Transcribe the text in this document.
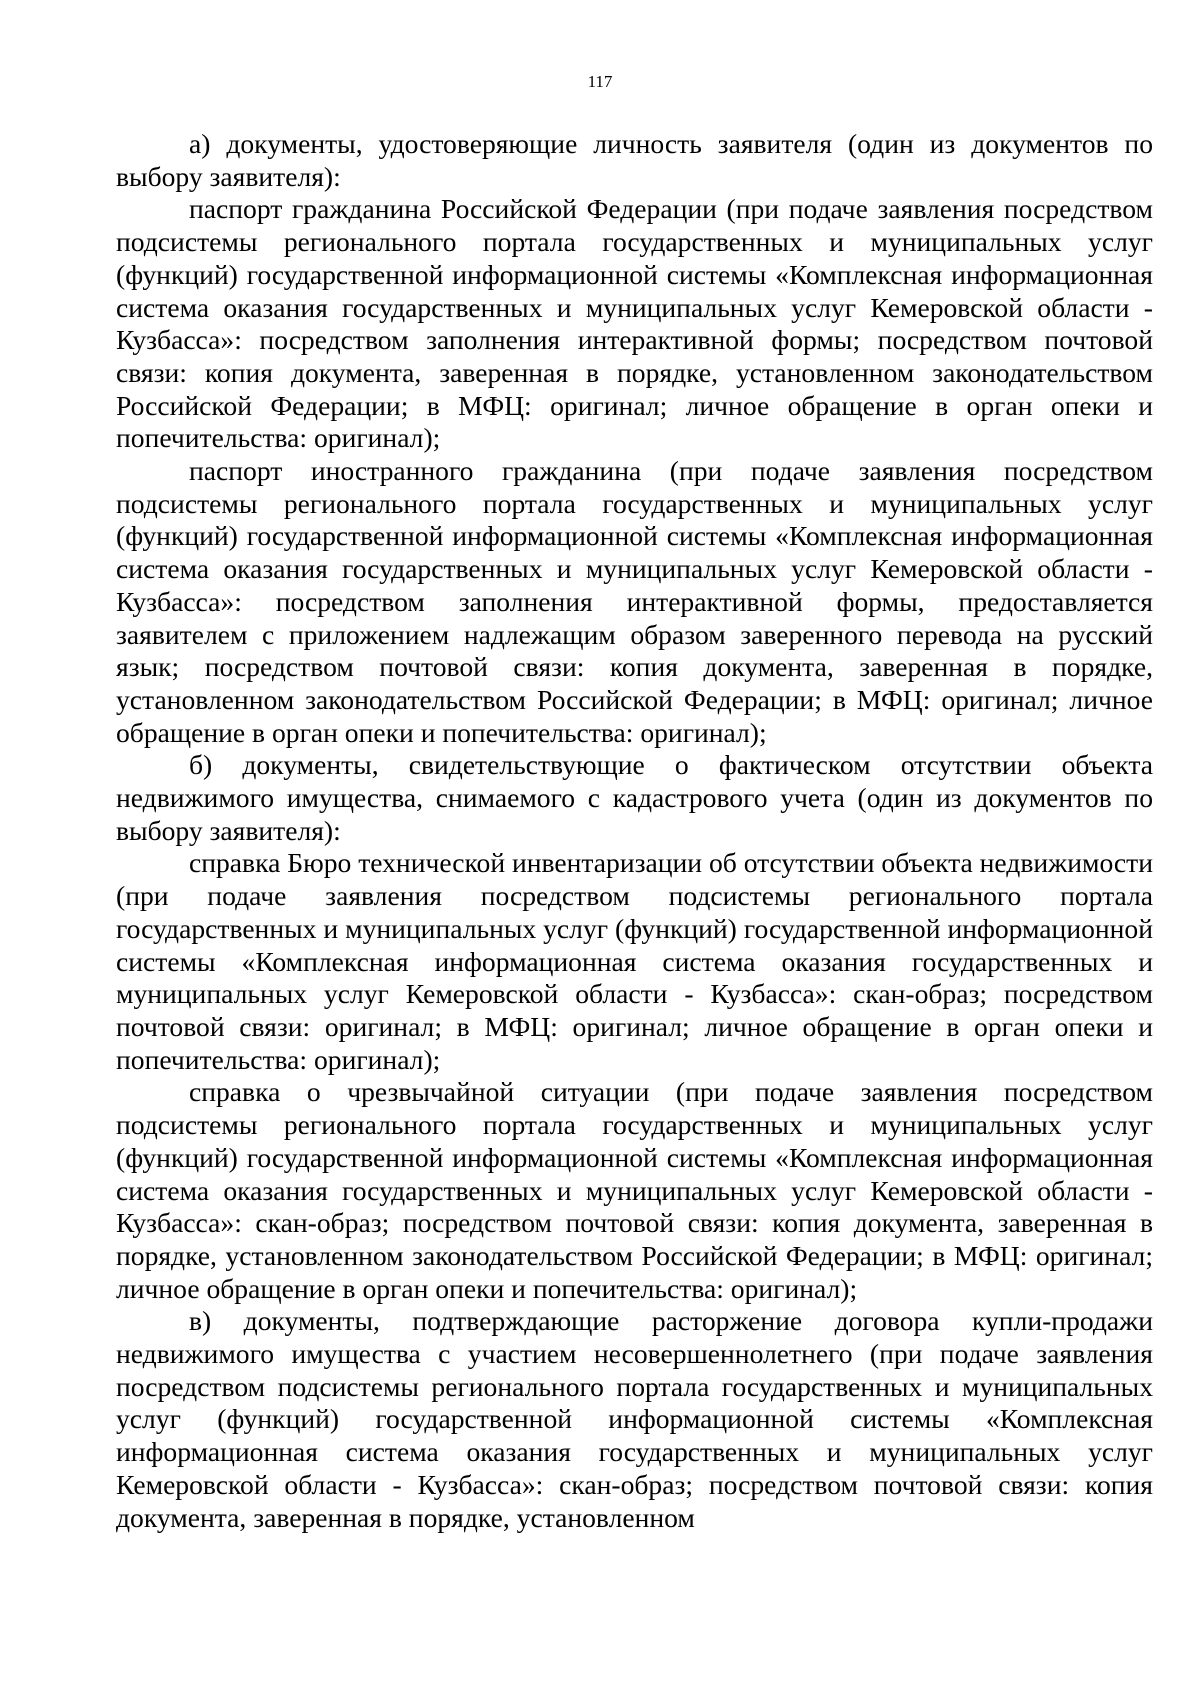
117

а) документы, удостоверяющие личность заявителя (один из документов по выбору заявителя):

паспорт гражданина Российской Федерации (при подаче заявления посредством подсистемы регионального портала государственных и муниципальных услуг (функций) государственной информационной системы «Комплексная информационная система оказания государственных и муниципальных услуг Кемеровской области - Кузбасса»: посредством заполнения интерактивной формы; посредством почтовой связи: копия документа, заверенная в порядке, установленном законодательством Российской Федерации; в МФЦ: оригинал; личное обращение в орган опеки и попечительства: оригинал);

паспорт иностранного гражданина (при подаче заявления посредством подсистемы регионального портала государственных и муниципальных услуг (функций) государственной информационной системы «Комплексная информационная система оказания государственных и муниципальных услуг Кемеровской области - Кузбасса»: посредством заполнения интерактивной формы, предоставляется заявителем с приложением надлежащим образом заверенного перевода на русский язык; посредством почтовой связи: копия документа, заверенная в порядке, установленном законодательством Российской Федерации; в МФЦ: оригинал; личное обращение в орган опеки и попечительства: оригинал);

б) документы, свидетельствующие о фактическом отсутствии объекта недвижимого имущества, снимаемого с кадастрового учета (один из документов по выбору заявителя):

справка Бюро технической инвентаризации об отсутствии объекта недвижимости (при подаче заявления посредством подсистемы регионального портала государственных и муниципальных услуг (функций) государственной информационной системы «Комплексная информационная система оказания государственных и муниципальных услуг Кемеровской области - Кузбасса»: скан-образ; посредством почтовой связи: оригинал; в МФЦ: оригинал; личное обращение в орган опеки и попечительства: оригинал);

справка о чрезвычайной ситуации (при подаче заявления посредством подсистемы регионального портала государственных и муниципальных услуг (функций) государственной информационной системы «Комплексная информационная система оказания государственных и муниципальных услуг Кемеровской области - Кузбасса»: скан-образ; посредством почтовой связи: копия документа, заверенная в порядке, установленном законодательством Российской Федерации; в МФЦ: оригинал; личное обращение в орган опеки и попечительства: оригинал);

в) документы, подтверждающие расторжение договора купли-продажи недвижимого имущества с участием несовершеннолетнего (при подаче заявления посредством подсистемы регионального портала государственных и муниципальных услуг (функций) государственной информационной системы «Комплексная информационная система оказания государственных и муниципальных услуг Кемеровской области - Кузбасса»: скан-образ; посредством почтовой связи: копия документа, заверенная в порядке, установленном
